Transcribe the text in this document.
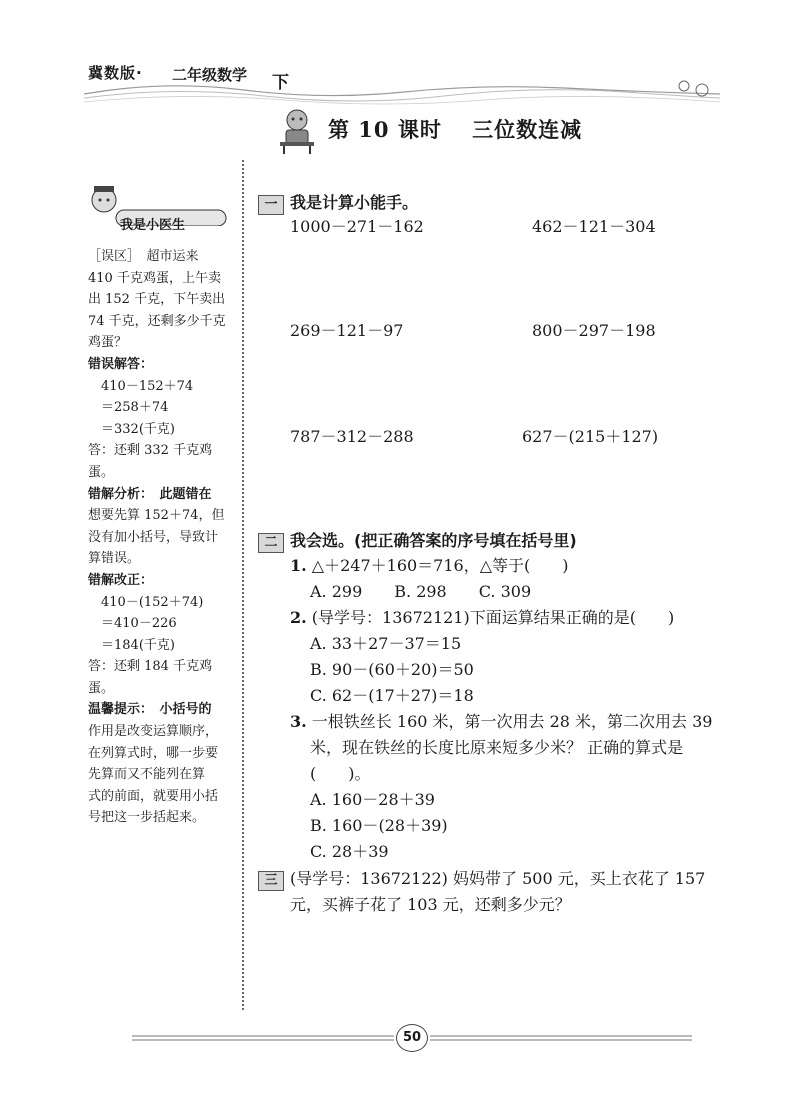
冀数版· 二年级数学 下
第 10 课时　 三位数连减
我是小医生
［误区］　超市运来
410 千克鸡蛋，上午卖
出 152 千克，下午卖出
74 千克，还剩多少千克
鸡蛋？
错误解答：
　410－152＋74
　＝258＋74
　＝332(千克)
答：还剩 332 千克鸡蛋。
错解分析：　此题错在
想要先算 152＋74，但
没有加小括号，导致计
算错误。
错解改正：
　410－(152＋74)
　＝410－226
　＝184(千克)
答：还剩 184 千克鸡
蛋。
温馨提示：　小括号的
作用是改变运算顺序，
在列算式时，哪一步要
先算而又不能列在算
式的前面，就要用小括
号把这一步括起来。
一 我是计算小能手。
1000－271－162	462－121－304
269－121－97	800－297－198
787－312－288	627－(215＋127)
二 我会选。(把正确答案的序号填在括号里)
1. △＋247＋160＝716，△等于(　　)
A. 299　　B. 298　　C. 309
2. (导学号：13672121)下面运算结果正确的是(　　)
A. 33＋27－37＝15
B. 90－(60＋20)＝50
C. 62－(17＋27)＝18
3. 一根铁丝长 160 米，第一次用去 28 米，第二次用去 39
米，现在铁丝的长度比原来短多少米？ 正确的算式是
(　　)。
A. 160－28＋39
B. 160－(28＋39)
C. 28＋39
三 (导学号：13672122) 妈妈带了 500 元，买上衣花了 157
元，买裤子花了 103 元，还剩多少元？
50
